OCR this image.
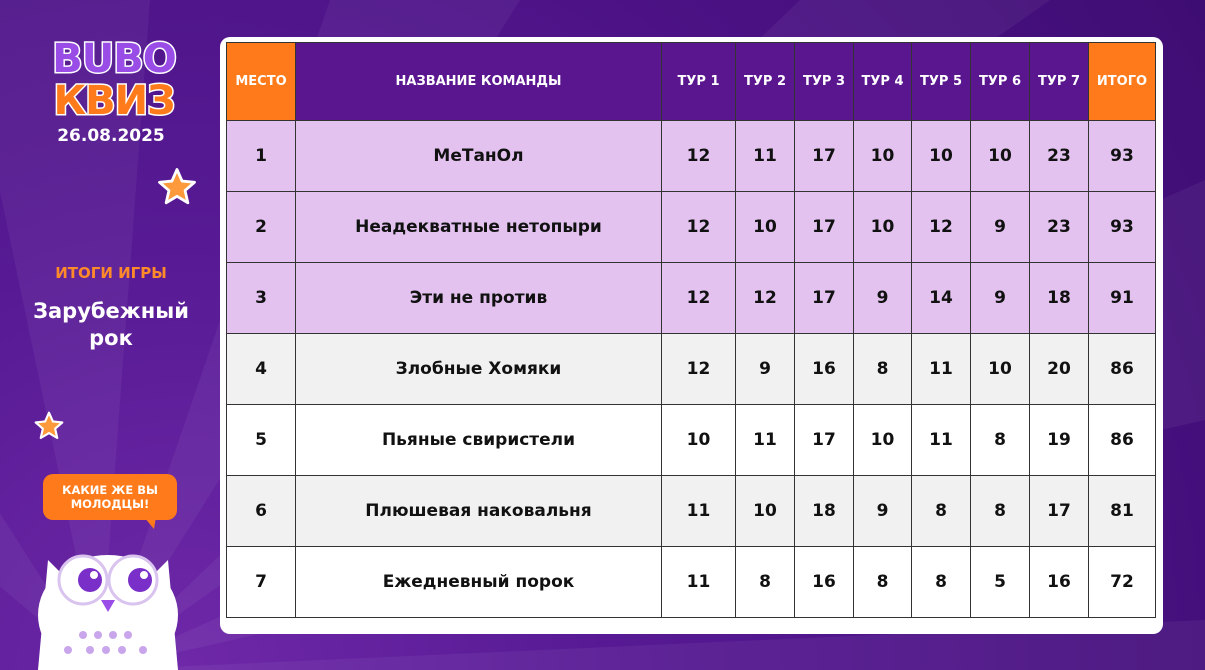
BUBO
КВИЗ
26.08.2025
ИТОГИ ИГРЫ
Зарубежный рок
КАКИЕ ЖЕ ВЫ МОЛОДЦЫ!
МЕСТО	НАЗВАНИЕ КОМАНДЫ	ТУР 1	ТУР 2	ТУР 3	ТУР 4	ТУР 5	ТУР 6	ТУР 7	ИТОГО
1	МеТанОл	12	11	17	10	10	10	23	93
2	Неадекватные нетопыри	12	10	17	10	12	9	23	93
3	Эти не против	12	12	17	9	14	9	18	91
4	Злобные Хомяки	12	9	16	8	11	10	20	86
5	Пьяные свиристели	10	11	17	10	11	8	19	86
6	Плюшевая наковальня	11	10	18	9	8	8	17	81
7	Ежедневный порок	11	8	16	8	8	5	16	72
